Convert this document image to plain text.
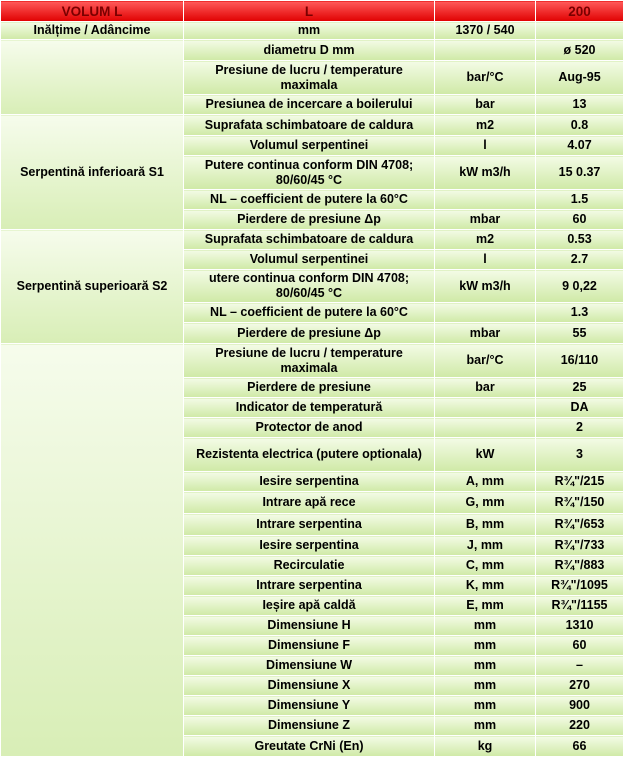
VOLUM L	L		200
Inălțime / Adâncime	mm	1370 / 540	
	diametru D mm		ø 520
	Presiune de lucru / temperature maximala	bar/°C	Aug-95
	Presiunea de incercare a boilerului	bar	13
Serpentină inferioară S1	Suprafata schimbatoare de caldura	m2	0.8
	Volumul serpentinei	l	4.07
	Putere continua conform DIN 4708; 80/60/45 °C	kW m3/h	15 0.37
	NL – coefficient de putere la 60°C		1.5
	Pierdere de presiune Δp	mbar	60
Serpentină superioară S2	Suprafata schimbatoare de caldura	m2	0.53
	Volumul serpentinei	l	2.7
	utere continua conform DIN 4708; 80/60/45 °C	kW m3/h	9 0,22
	NL – coefficient de putere la 60°C		1.3
	Pierdere de presiune Δp	mbar	55
	Presiune de lucru / temperature maximala	bar/°C	16/110
	Pierdere de presiune	bar	25
	Indicator de temperatură		DA
	Protector de anod		2
	Rezistenta electrica (putere optionala)	kW	3
	Iesire serpentina	A, mm	R¾"/215
	Intrare apă rece	G, mm	R¾"/150
	Intrare serpentina	B, mm	R¾"/653
	Iesire serpentina	J, mm	R¾"/733
	Recirculatie	C, mm	R¾"/883
	Intrare serpentina	K, mm	R¾"/1095
	Ieșire apă caldă	E, mm	R¾"/1155
	Dimensiune H	mm	1310
	Dimensiune F	mm	60
	Dimensiune W	mm	–
	Dimensiune X	mm	270
	Dimensiune Y	mm	900
	Dimensiune Z	mm	220
	Greutate CrNi (En)	kg	66
